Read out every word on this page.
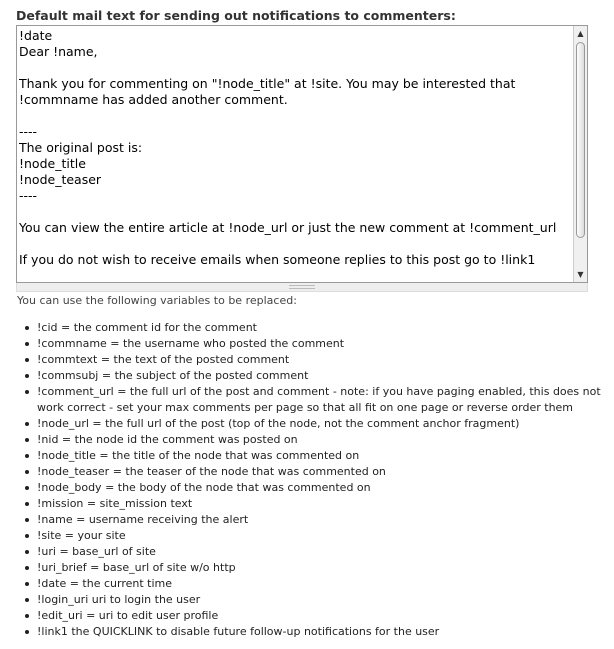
Default mail text for sending out notifications to commenters:
!date
Dear !name,

Thank you for commenting on "!node_title" at !site. You may be interested that !commname has added another comment.

----
The original post is:
!node_title
!node_teaser
----

You can view the entire article at !node_url or just the new comment at !comment_url

If you do not wish to receive emails when someone replies to this post go to !link1
▲
▼
You can use the following variables to be replaced:
!cid = the comment id for the comment
!commname = the username who posted the comment
!commtext = the text of the posted comment
!commsubj = the subject of the posted comment
!comment_url = the full url of the post and comment - note: if you have paging enabled, this does not work correct - set your max comments per page so that all fit on one page or reverse order them
!node_url = the full url of the post (top of the node, not the comment anchor fragment)
!nid = the node id the comment was posted on
!node_title = the title of the node that was commented on
!node_teaser = the teaser of the node that was commented on
!node_body = the body of the node that was commented on
!mission = site_mission text
!name = username receiving the alert
!site = your site
!uri = base_url of site
!uri_brief = base_url of site w/o http
!date = the current time
!login_uri uri to login the user
!edit_uri = uri to edit user profile
!link1 the QUICKLINK to disable future follow-up notifications for the user
